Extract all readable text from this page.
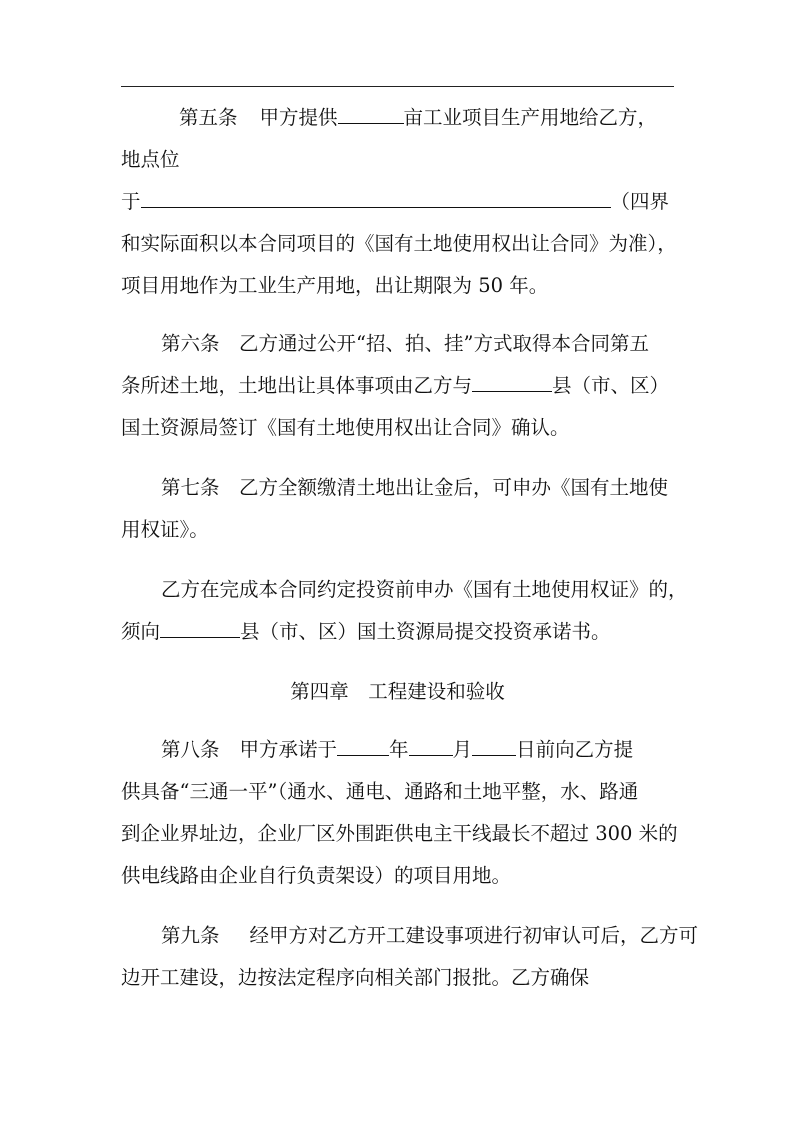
第五条 甲方提供	亩工业项目生产用地给乙方，
地点位
于	（四界
和实际面积以本合同项目的《国有土地使用权出让合同》为准），
项目用地作为工业生产用地，出让期限为 50 年。
第六条　乙方通过公开“招、拍、挂”方式取得本合同第五
条所述土地，土地出让具体事项由乙方与	县（市、区）
国土资源局签订《国有土地使用权出让合同》确认。
第七条　乙方全额缴清土地出让金后，可申办《国有土地使
用权证》。
乙方在完成本合同约定投资前申办《国有土地使用权证》的，
须向	县（市、区）国土资源局提交投资承诺书。
第四章　工程建设和验收
第八条 甲方承诺于	年 月 日前向乙方提
供具备“三通一平”（通水、通电、通路和土地平整，水、路通
到企业界址边，企业厂区外围距供电主干线最长不超过 300 米的
供电线路由企业自行负责架设）的项目用地。
第九条 经甲方对乙方开工建设事项进行初审认可后，乙方可
边开工建设，边按法定程序向相关部门报批。乙方确保
